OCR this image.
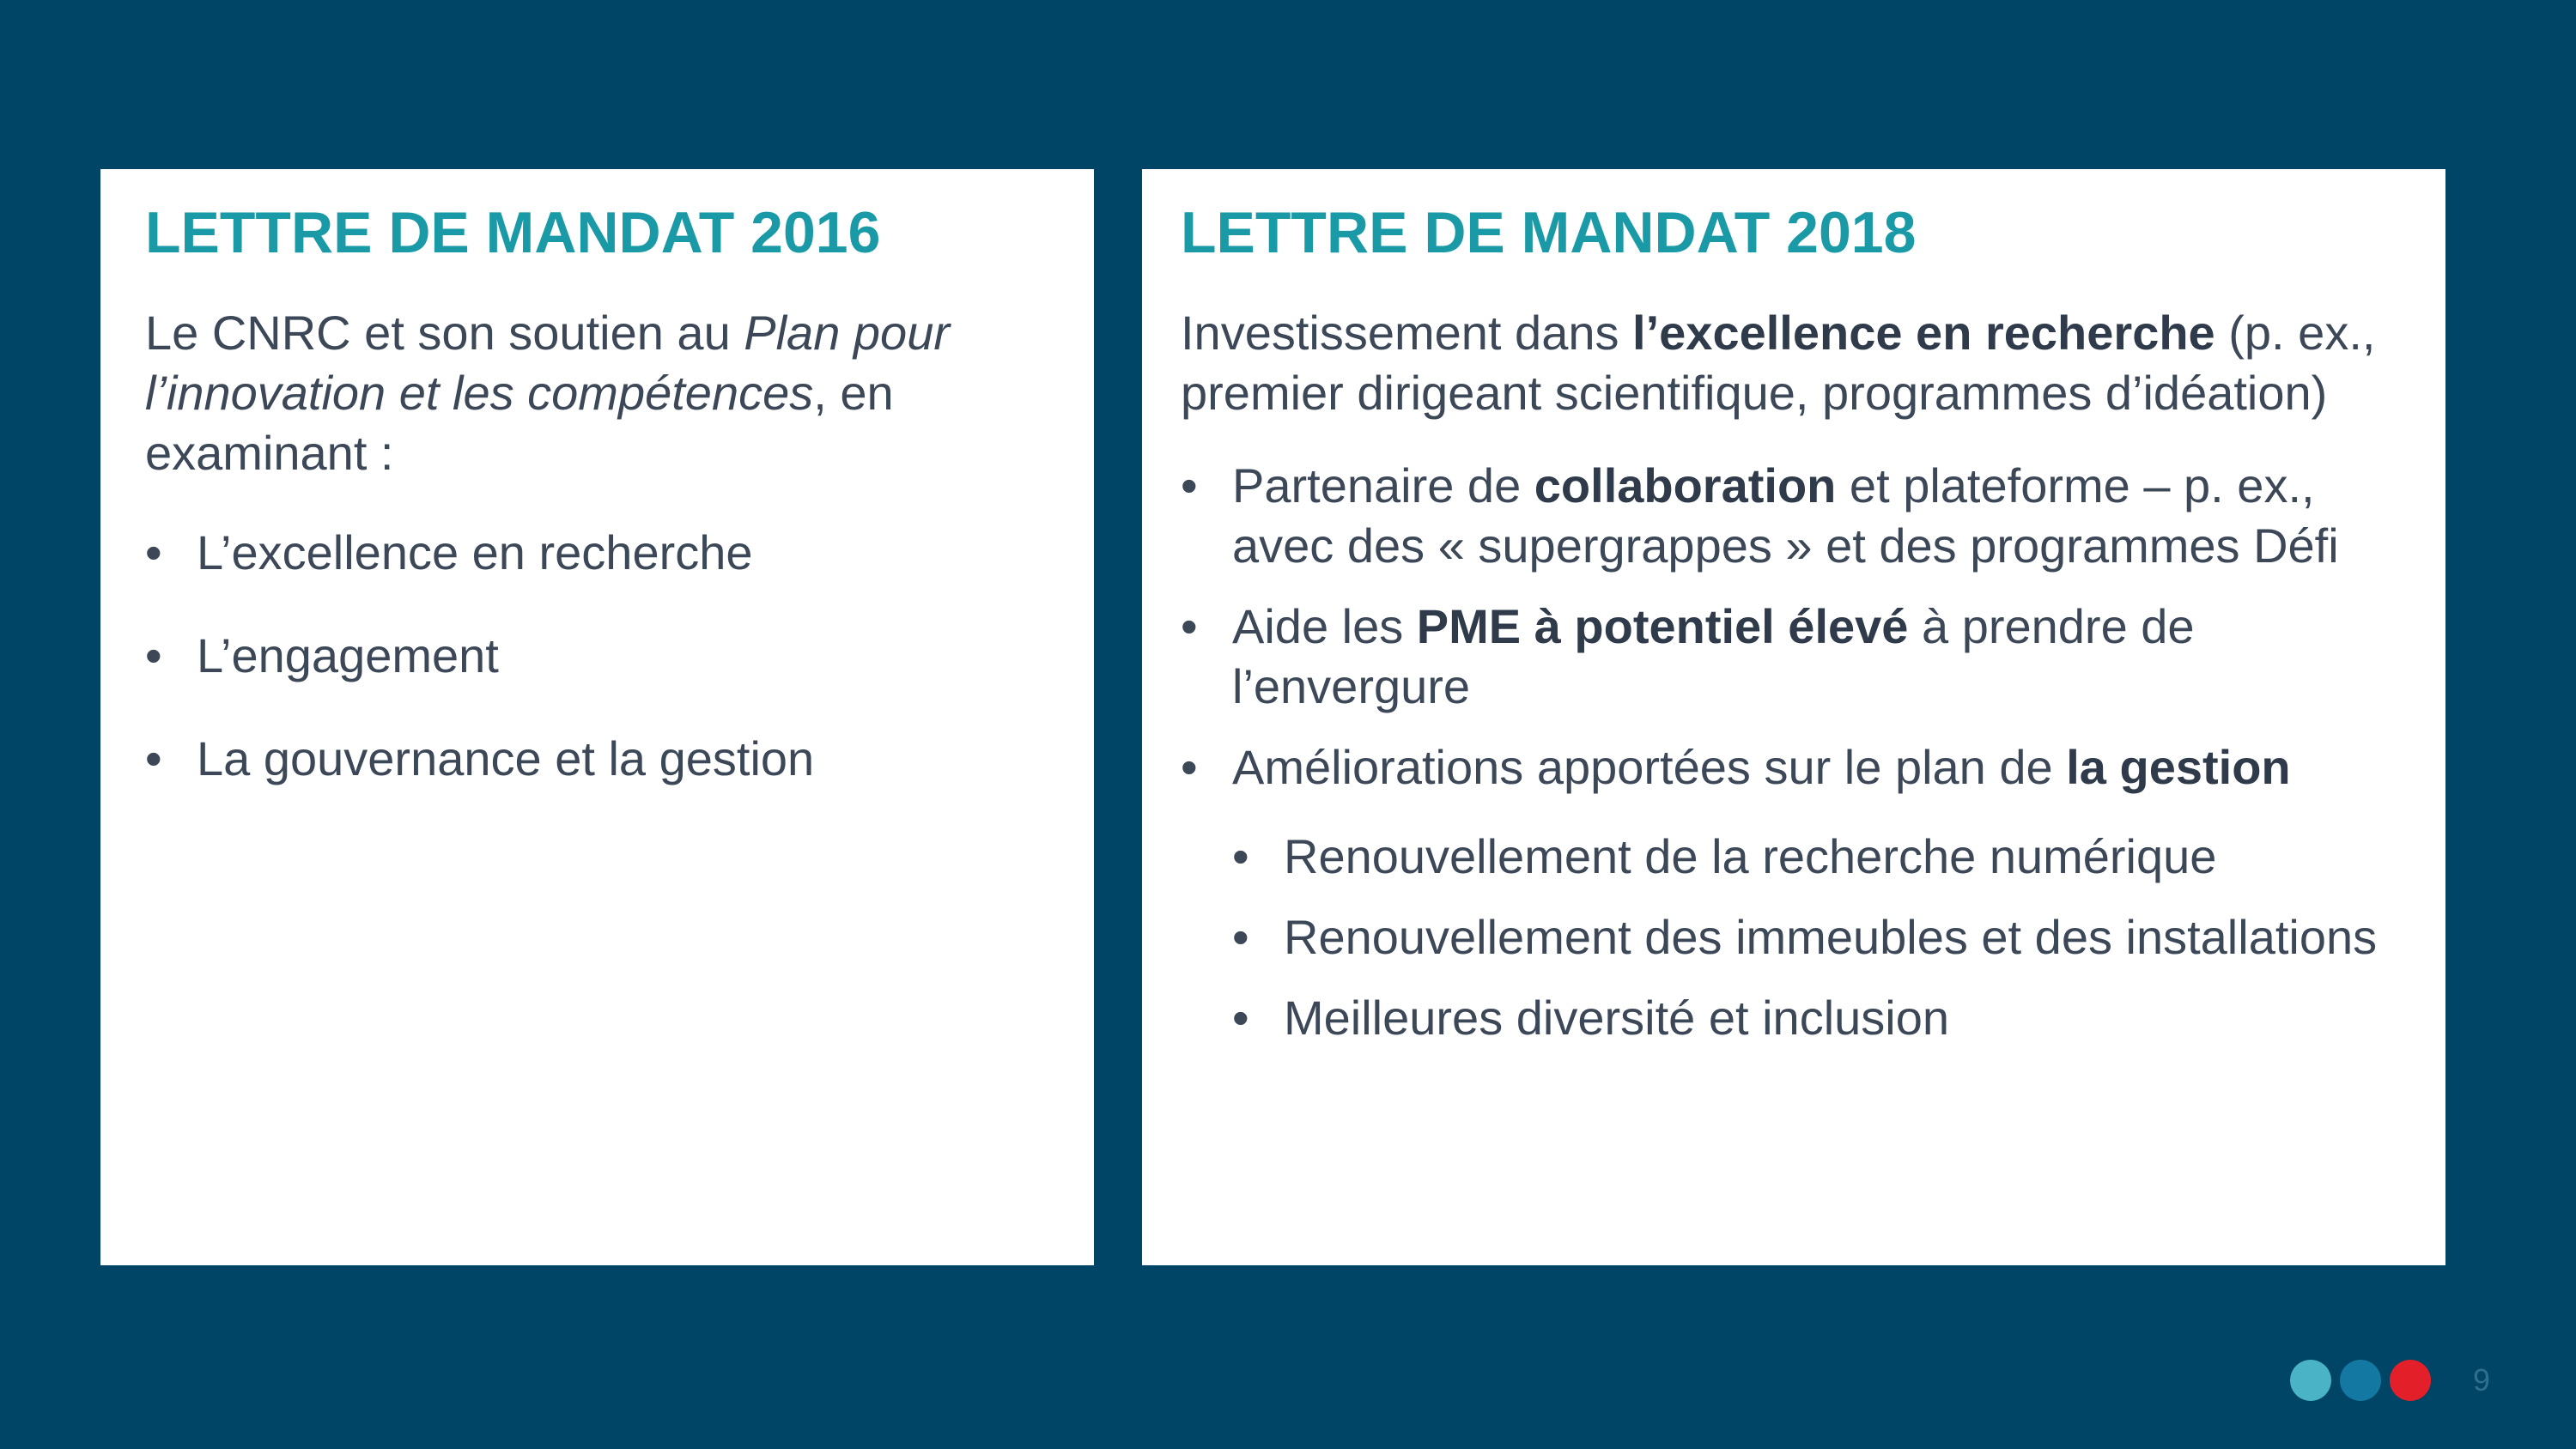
LETTRE DE MANDAT 2016

Le CNRC et son soutien au Plan pour l’innovation et les compétences, en examinant :

• L’excellence en recherche
• L’engagement
• La gouvernance et la gestion
LETTRE DE MANDAT 2018

Investissement dans l’excellence en recherche (p. ex., premier dirigeant scientifique, programmes d’idéation)

• Partenaire de collaboration et plateforme – p. ex., avec des « supergrappes » et des programmes Défi
• Aide les PME à potentiel élevé à prendre de l’envergure
• Améliorations apportées sur le plan de la gestion
• Renouvellement de la recherche numérique
• Renouvellement des immeubles et des installations
• Meilleures diversité et inclusion
9
